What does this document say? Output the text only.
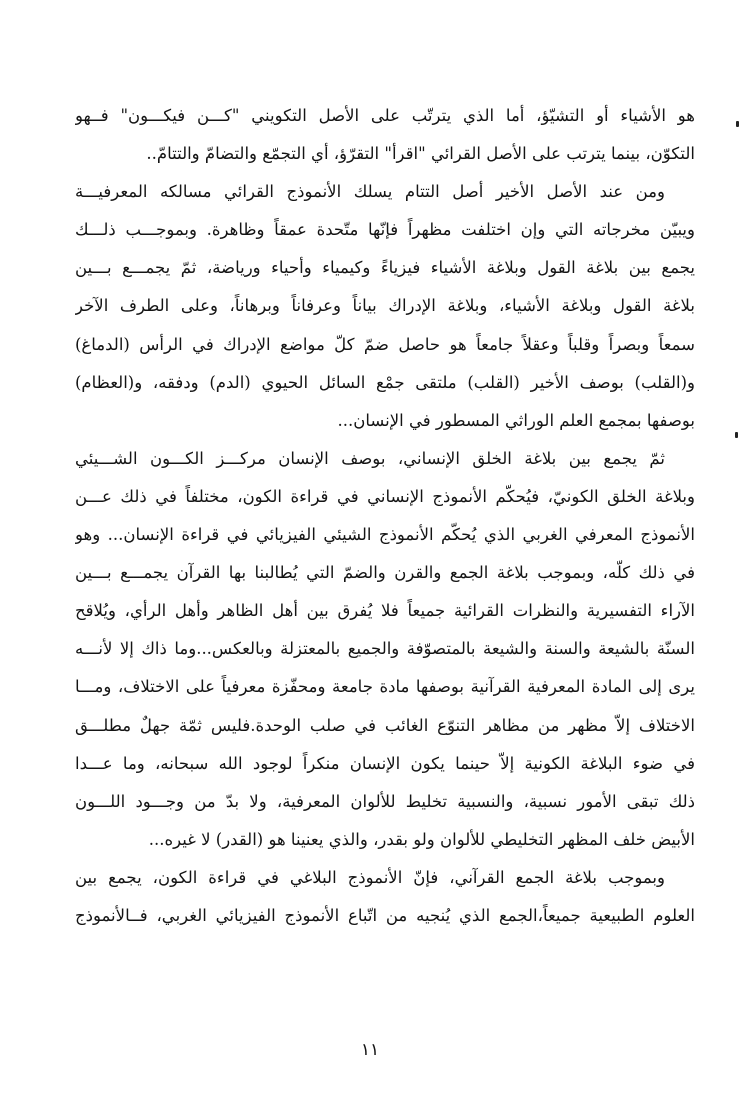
هو الأشياء أو التشيّؤ، أما الذي يترتّب على الأصل التكويني "كـــن فيكـــون" فــهو
التكوّن، بينما يترتب على الأصل القرائي "اقرأ" التقرّؤ، أي التجمّع والتضامّ والتتامّ..
ومن عند الأصل الأخير أصل التتام يسلك الأنموذج القرائي مسالكه المعرفيـــة
ويبيّن مخرجاته التي وإن اختلفت مظهراً فإنّها متّحدة عمقاً وظاهرة. وبموجـــب ذلـــك
يجمع بين بلاغة القول وبلاغة الأشياء فيزياءً وكيمياء وأحياء ورياضة، ثمّ يجمـــع بـــين
بلاغة القول وبلاغة الأشياء، وبلاغة الإدراك بياناً وعرفاناً وبرهاناً، وعلى الطرف الآخر
سمعاً وبصراً وقلباً وعقلاً جامعاً هو حاصل ضمّ كلّ مواضع الإدراك في الرأس (الدماغ)
و(القلب) بوصف الأخير (القلب) ملتقى جمْع السائل الحيوي (الدم) ودفقه، و(العظام)
بوصفها بمجمع العلم الوراثي المسطور في الإنسان...
ثمّ يجمع بين بلاغة الخلق الإنساني، بوصف الإنسان مركـــز الكـــون الشـــيئي
وبلاغة الخلق الكونيّ، فيُحكّم الأنموذج الإنساني في قراءة الكون، مختلفاً في ذلك عـــن
الأنموذج المعرفي الغربي الذي يُحكّم الأنموذج الشيئي الفيزيائي في قراءة الإنسان... وهو
في ذلك كلّه، وبموجب بلاغة الجمع والقرن والضمّ التي يُطالبنا بها القرآن يجمـــع بـــين
الآراء التفسيرية والنظرات القرائية جميعاً فلا يُفرق بين أهل الظاهر وأهل الرأي، ويُلاقح
السنّة بالشيعة والسنة والشيعة بالمتصوّفة والجميع بالمعتزلة وبالعكس...وما ذاك إلا لأنـــه
يرى إلى المادة المعرفية القرآنية بوصفها مادة جامعة ومحفّزة معرفياً على الاختلاف، ومـــا
الاختلاف إلاّ مظهر من مظاهر التنوّع الغائب في صلب الوحدة.فليس ثمّة جهلٌ مطلـــق
في ضوء البلاغة الكونية إلاّ حينما يكون الإنسان منكراً لوجود الله سبحانه، وما عـــدا
ذلك تبقى الأمور نسبية، والنسبية تخليط للألوان المعرفية، ولا بدّ من وجـــود اللـــون
الأبيض خلف المظهر التخليطي للألوان ولو بقدر، والذي يعنينا هو (القدر) لا غيره...
وبموجب بلاغة الجمع القرآني، فإنّ الأنموذج البلاغي في قراءة الكون، يجمع بين
العلوم الطبيعية جميعاً،الجمع الذي يُنجيه من اتّباع الأنموذج الفيزيائي الغربي، فــالأنموذج
١١
